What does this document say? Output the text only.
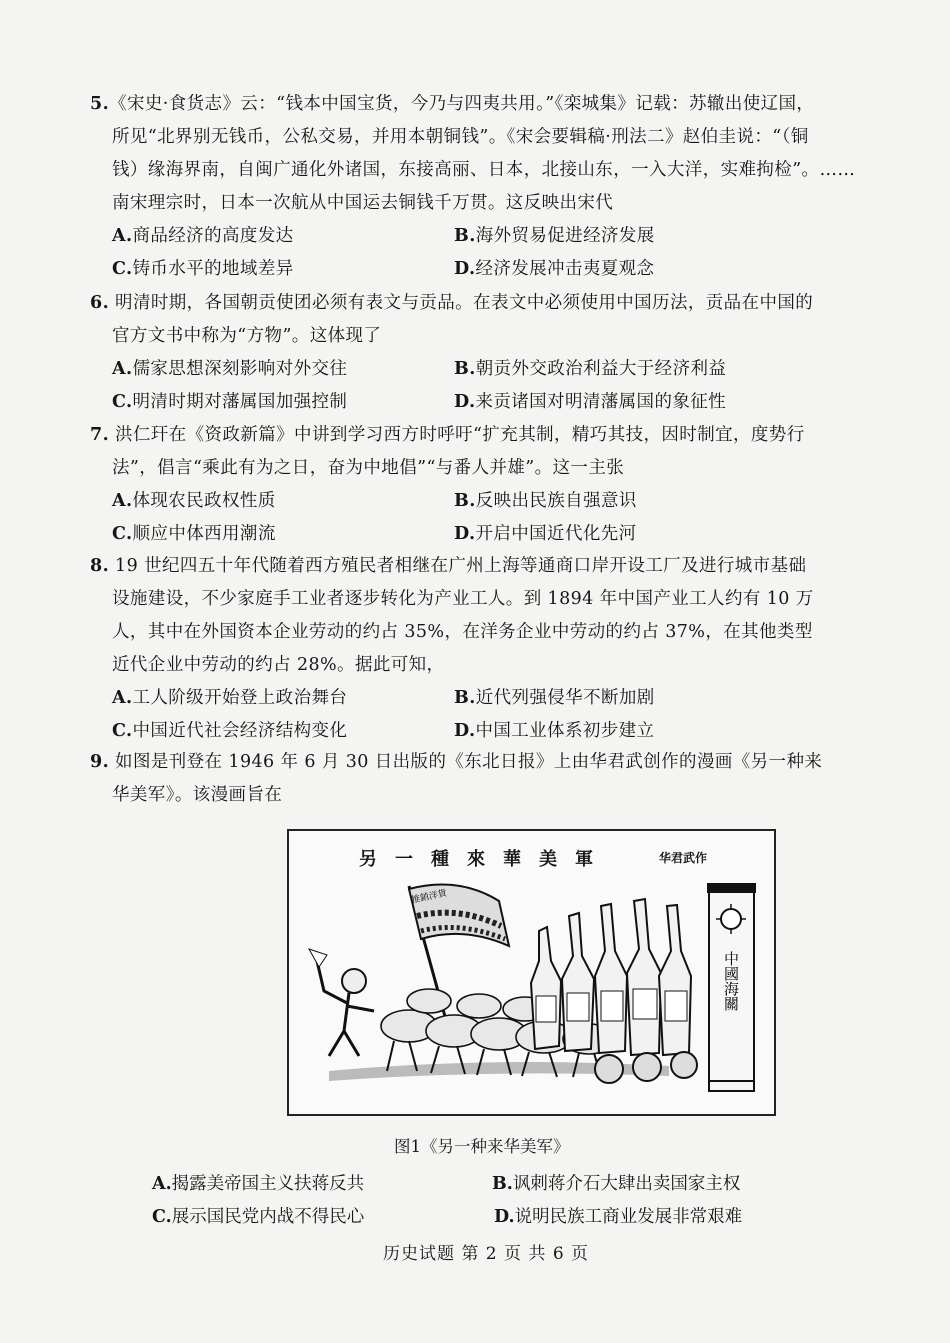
5.《宋史·食货志》云：“钱本中国宝货，今乃与四夷共用。”《栾城集》记载：苏辙出使辽国，
所见“北界别无钱币，公私交易，并用本朝铜钱”。《宋会要辑稿·刑法二》赵伯圭说：“（铜
钱）缘海界南，自闽广通化外诸国，东接高丽、日本，北接山东，一入大洋，实难拘检”。……
南宋理宗时，日本一次航从中国运去铜钱千万贯。这反映出宋代
A.商品经济的高度发达	B.海外贸易促进经济发展
C.铸币水平的地域差异	D.经济发展冲击夷夏观念
6. 明清时期，各国朝贡使团必须有表文与贡品。在表文中必须使用中国历法，贡品在中国的
官方文书中称为“方物”。这体现了
A.儒家思想深刻影响对外交往	B.朝贡外交政治利益大于经济利益
C.明清时期对藩属国加强控制	D.来贡诸国对明清藩属国的象征性
7. 洪仁玕在《资政新篇》中讲到学习西方时呼吁“扩充其制，精巧其技，因时制宜，度势行
法”，倡言“乘此有为之日，奋为中地倡”“与番人并雄”。这一主张
A.体现农民政权性质	B.反映出民族自强意识
C.顺应中体西用潮流	D.开启中国近代化先河
8. 19 世纪四五十年代随着西方殖民者相继在广州上海等通商口岸开设工厂及进行城市基础
设施建设，不少家庭手工业者逐步转化为产业工人。到 1894 年中国产业工人约有 10 万
人，其中在外国资本企业劳动的约占 35%，在洋务企业中劳动的约占 37%，在其他类型
近代企业中劳动的约占 28%。据此可知，
A.工人阶级开始登上政治舞台	B.近代列强侵华不断加剧
C.中国近代社会经济结构变化	D.中国工业体系初步建立
9. 如图是刊登在 1946 年 6 月 30 日出版的《东北日报》上由华君武创作的漫画《另一种来
华美军》。该漫画旨在
另一種來華美軍	华君武作
推銷洋貨
中國海關
图1《另一种来华美军》
A.揭露美帝国主义扶蒋反共	B.讽刺蒋介石大肆出卖国家主权
C.展示国民党内战不得民心	D.说明民族工商业发展非常艰难
历史试题 第 2 页 共 6 页
